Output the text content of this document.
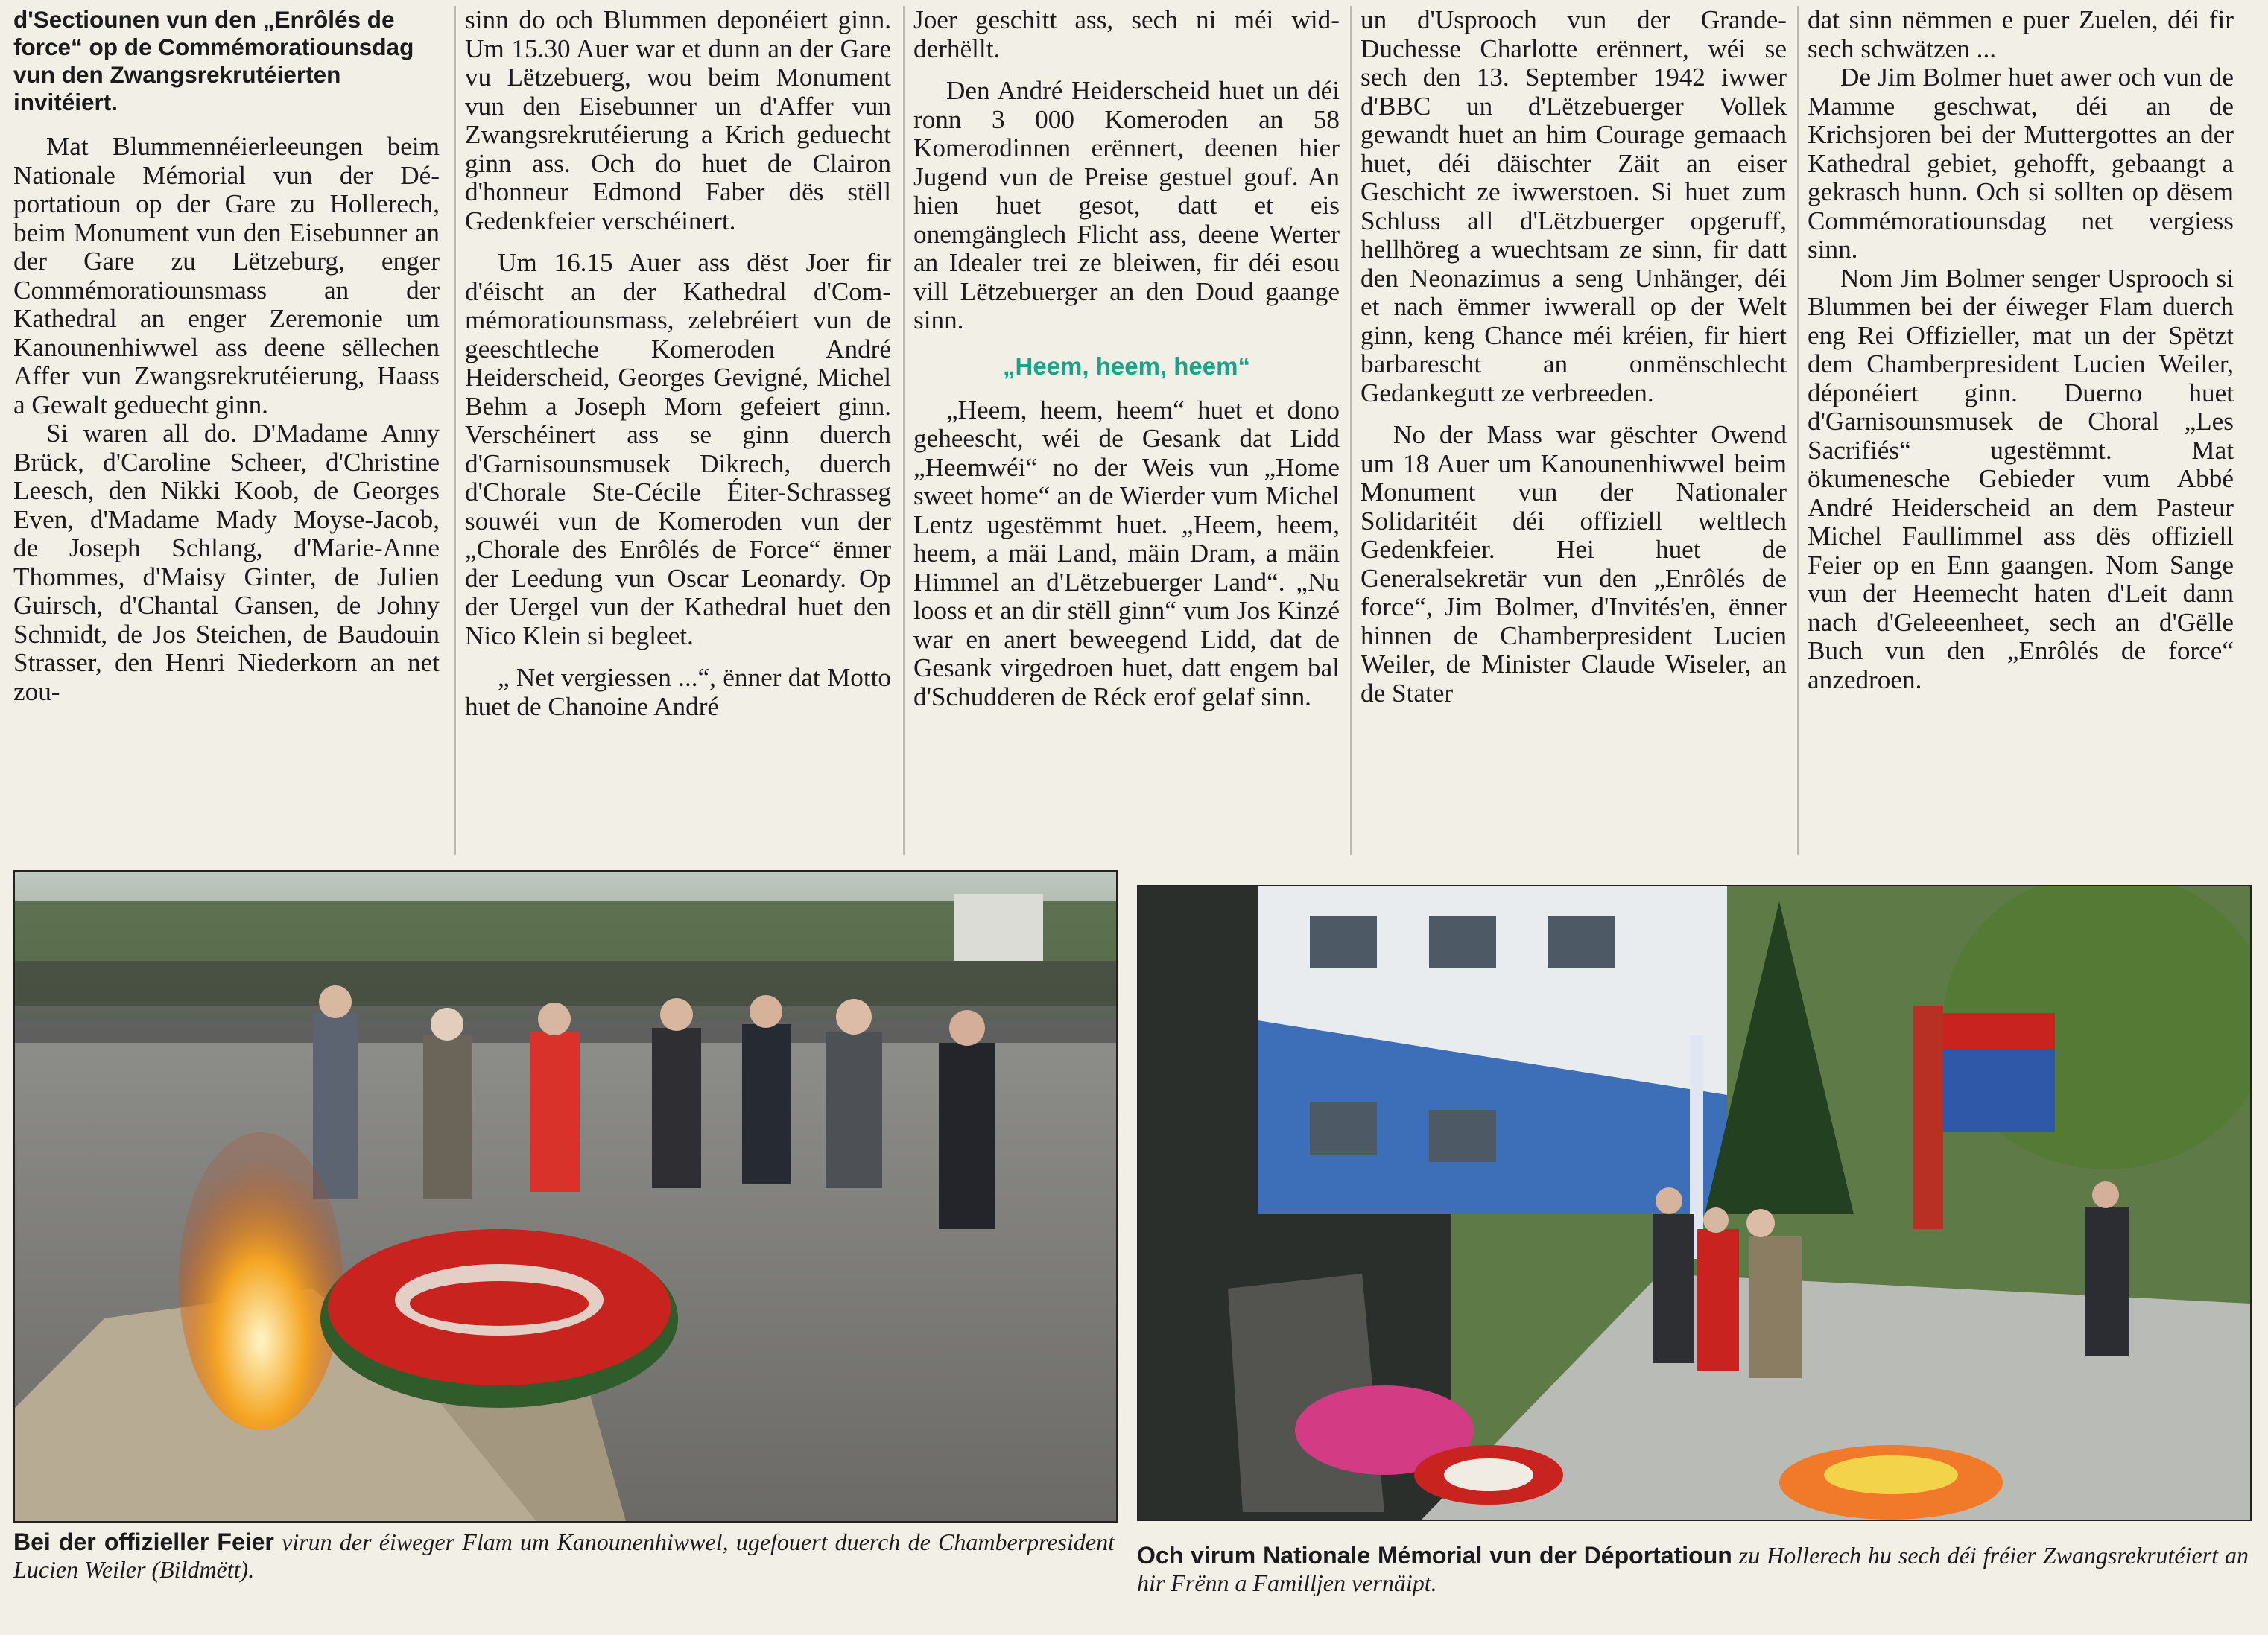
d'Sectiounen vun den „Enrôlés de force“ op de Commémoratiounsdag vun den Zwangsrekrutéierten invitéiert.

Mat Blummennéierleeungen beim Nationale Mémorial vun der Déportatioun op der Gare zu Hollerech, beim Monument vun den Eisebunner an der Gare zu Lëtzeburg, enger Commémoratiounsmass an der Kathedral an enger Zeremonie um Kanounenhiwwel ass deene sëllechen Affer vun Zwangsrekrutéierung, Haass a Gewalt geduecht ginn.

Si waren all do. D'Madame Anny Brück, d'Caroline Scheer, d'Christine Leesch, den Nikki Koob, de Georges Even, d'Madame Mady Moyse-Jacob, de Joseph Schlang, d'Marie-Anne Thommes, d'Maisy Ginter, de Julien Guirsch, d'Chantal Gansen, de Johny Schmidt, de Jos Steichen, de Baudouin Strasser, den Henri Niederkorn an net zou-

sinn do och Blummen deponéiert ginn. Um 15.30 Auer war et dunn an der Gare vu Lëtzebuerg, wou beim Monument vun den Eisebunner un d'Affer vun Zwangsrekrutéierung a Krich geduecht ginn ass. Och do huet de Clairon d'honneur Edmond Faber dës stëll Gedenkfeier verschéinert.

Um 16.15 Auer ass dëst Joer fir d'éischt an der Kathedral d'Commémoratiounsmass, zelebréiert vun de geeschtleche Komeroden André Heiderscheid, Georges Gevigné, Michel Behm a Joseph Morn gefeiert ginn. Verschéinert ass se ginn duerch d'Garnisounsmusek Dikrech, duerch d'Chorale Ste-Cécile Éiter-Schrasseg souwéi vun de Komeroden vun der „Chorale des Enrôlés de Force“ ënner der Leedung vun Oscar Leonardy. Op der Uergel vun der Kathedral huet den Nico Klein si begleet.

„ Net vergiessen ...“, ënner dat Motto huet de Chanoine André

Joer geschitt ass, sech ni méi widderhëllt.

Den André Heiderscheid huet un déi ronn 3 000 Komeroden an 58 Komerodinnen erënnert, deenen hier Jugend vun de Preise gestuel gouf. An hien huet gesot, datt et eis onemgänglech Flicht ass, deene Werter an Idealer trei ze bleiwen, fir déi esou vill Lëtzebuerger an den Doud gaange sinn.

„Heem, heem, heem“

„Heem, heem, heem“ huet et dono geheescht, wéi de Gesank dat Lidd „Heemwéi“ no der Weis vun „Home sweet home“ an de Wierder vum Michel Lentz ugestëmmt huet. „Heem, heem, heem, a mäi Land, mäin Dram, a mäin Himmel an d'Lëtzebuerger Land“. „Nu looss et an dir stëll ginn“ vum Jos Kinzé war en anert beweegend Lidd, dat de Gesank virgedroen huet, datt engem bal d'Schudderen de Réck erof gelaf sinn.

un d'Usprooch vun der Grande-Duchesse Charlotte erënnert, wéi se sech den 13. September 1942 iwwer d'BBC un d'Lëtzebuerger Vollek gewandt huet an him Courage gemaach huet, déi däischter Zäit an eiser Geschicht ze iwwerstoen. Si huet zum Schluss all d'Lëtzbuerger opgeruff, hellhöreg a wuechtsam ze sinn, fir datt den Neonazimus a seng Unhänger, déi et nach ëmmer iwwerall op der Welt ginn, keng Chance méi kréien, fir hiert barbarescht an onmënschlecht Gedankegutt ze verbreeden.

No der Mass war gëschter Owend um 18 Auer um Kanounenhiwwel beim Monument vun der Nationaler Solidaritéit déi offiziell weltlech Gedenkfeier. Hei huet de Generalsekretär vun den „Enrôlés de force“, Jim Bolmer, d'Invités'en, ënner hinnen de Chamberpresident Lucien Weiler, de Minister Claude Wiseler, an de Stater

dat sinn nëmmen e puer Zuelen, déi fir sech schwätzen ...

De Jim Bolmer huet awer och vun de Mamme geschwat, déi an de Krichsjoren bei der Muttergottes an der Kathedral gebiet, gehofft, gebaangt a gekrasch hunn. Och si sollten op dësem Commémoratiounsdag net vergiess sinn.

Nom Jim Bolmer senger Usprooch si Blummen bei der éiweger Flam duerch eng Rei Offizieller, mat un der Spëtzt dem Chamberpresident Lucien Weiler, déponéiert ginn. Duerno huet d'Garnisounsmusek de Choral „Les Sacrifiés“ ugestëmmt. Mat ökumenesche Gebieder vum Abbé André Heiderscheid an dem Pasteur Michel Faullimmel ass dës offiziell Feier op en Enn gaangen. Nom Sange vun der Heemecht haten d'Leit dann nach d'Geleeenheet, sech an d'Gëlle Buch vun den „Enrôlés de force“ anzedroen.

Bei der offizieller Feier virun der éiweger Flam um Kanounenhiwwel, ugefouert duerch de Chamberpresident Lucien Weiler (Bildmëtt).
Och virum Nationale Mémorial vun der Déportatioun zu Hollerech hu sech déi fréier Zwangsrekrutéiert an hir Frënn a Familljen vernäipt.
